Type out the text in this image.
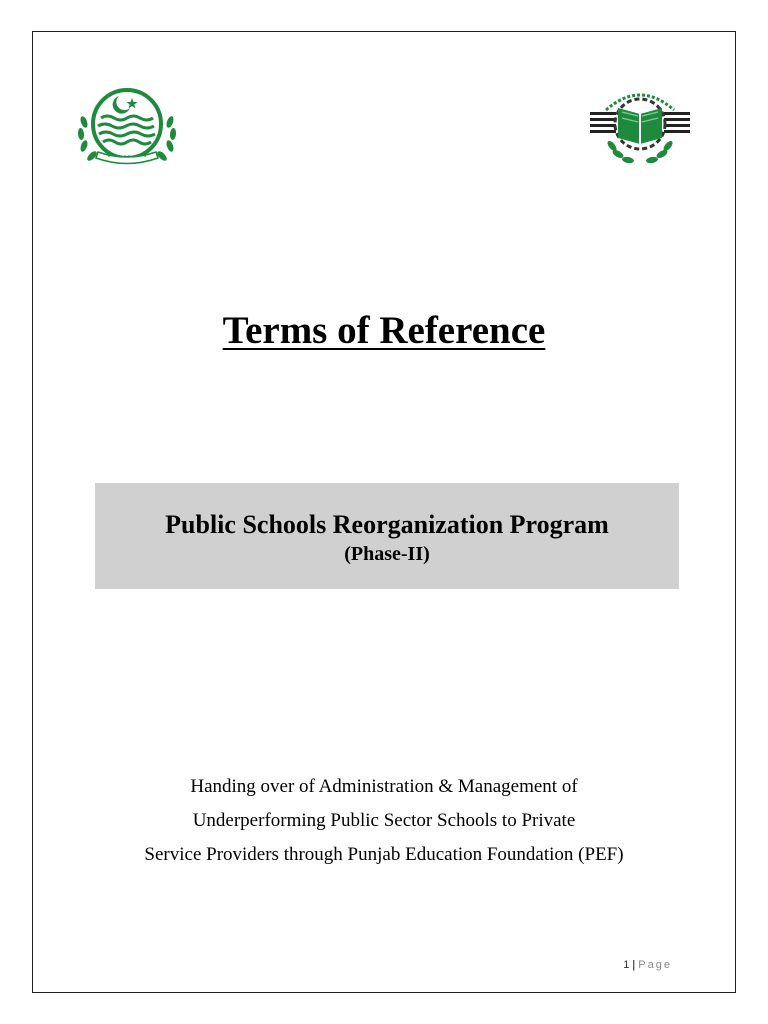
Terms of Reference
Public Schools Reorganization Program
(Phase-II)
Handing over of Administration & Management of
Underperforming Public Sector Schools to Private
Service Providers through Punjab Education Foundation (PEF)
1 | Page
